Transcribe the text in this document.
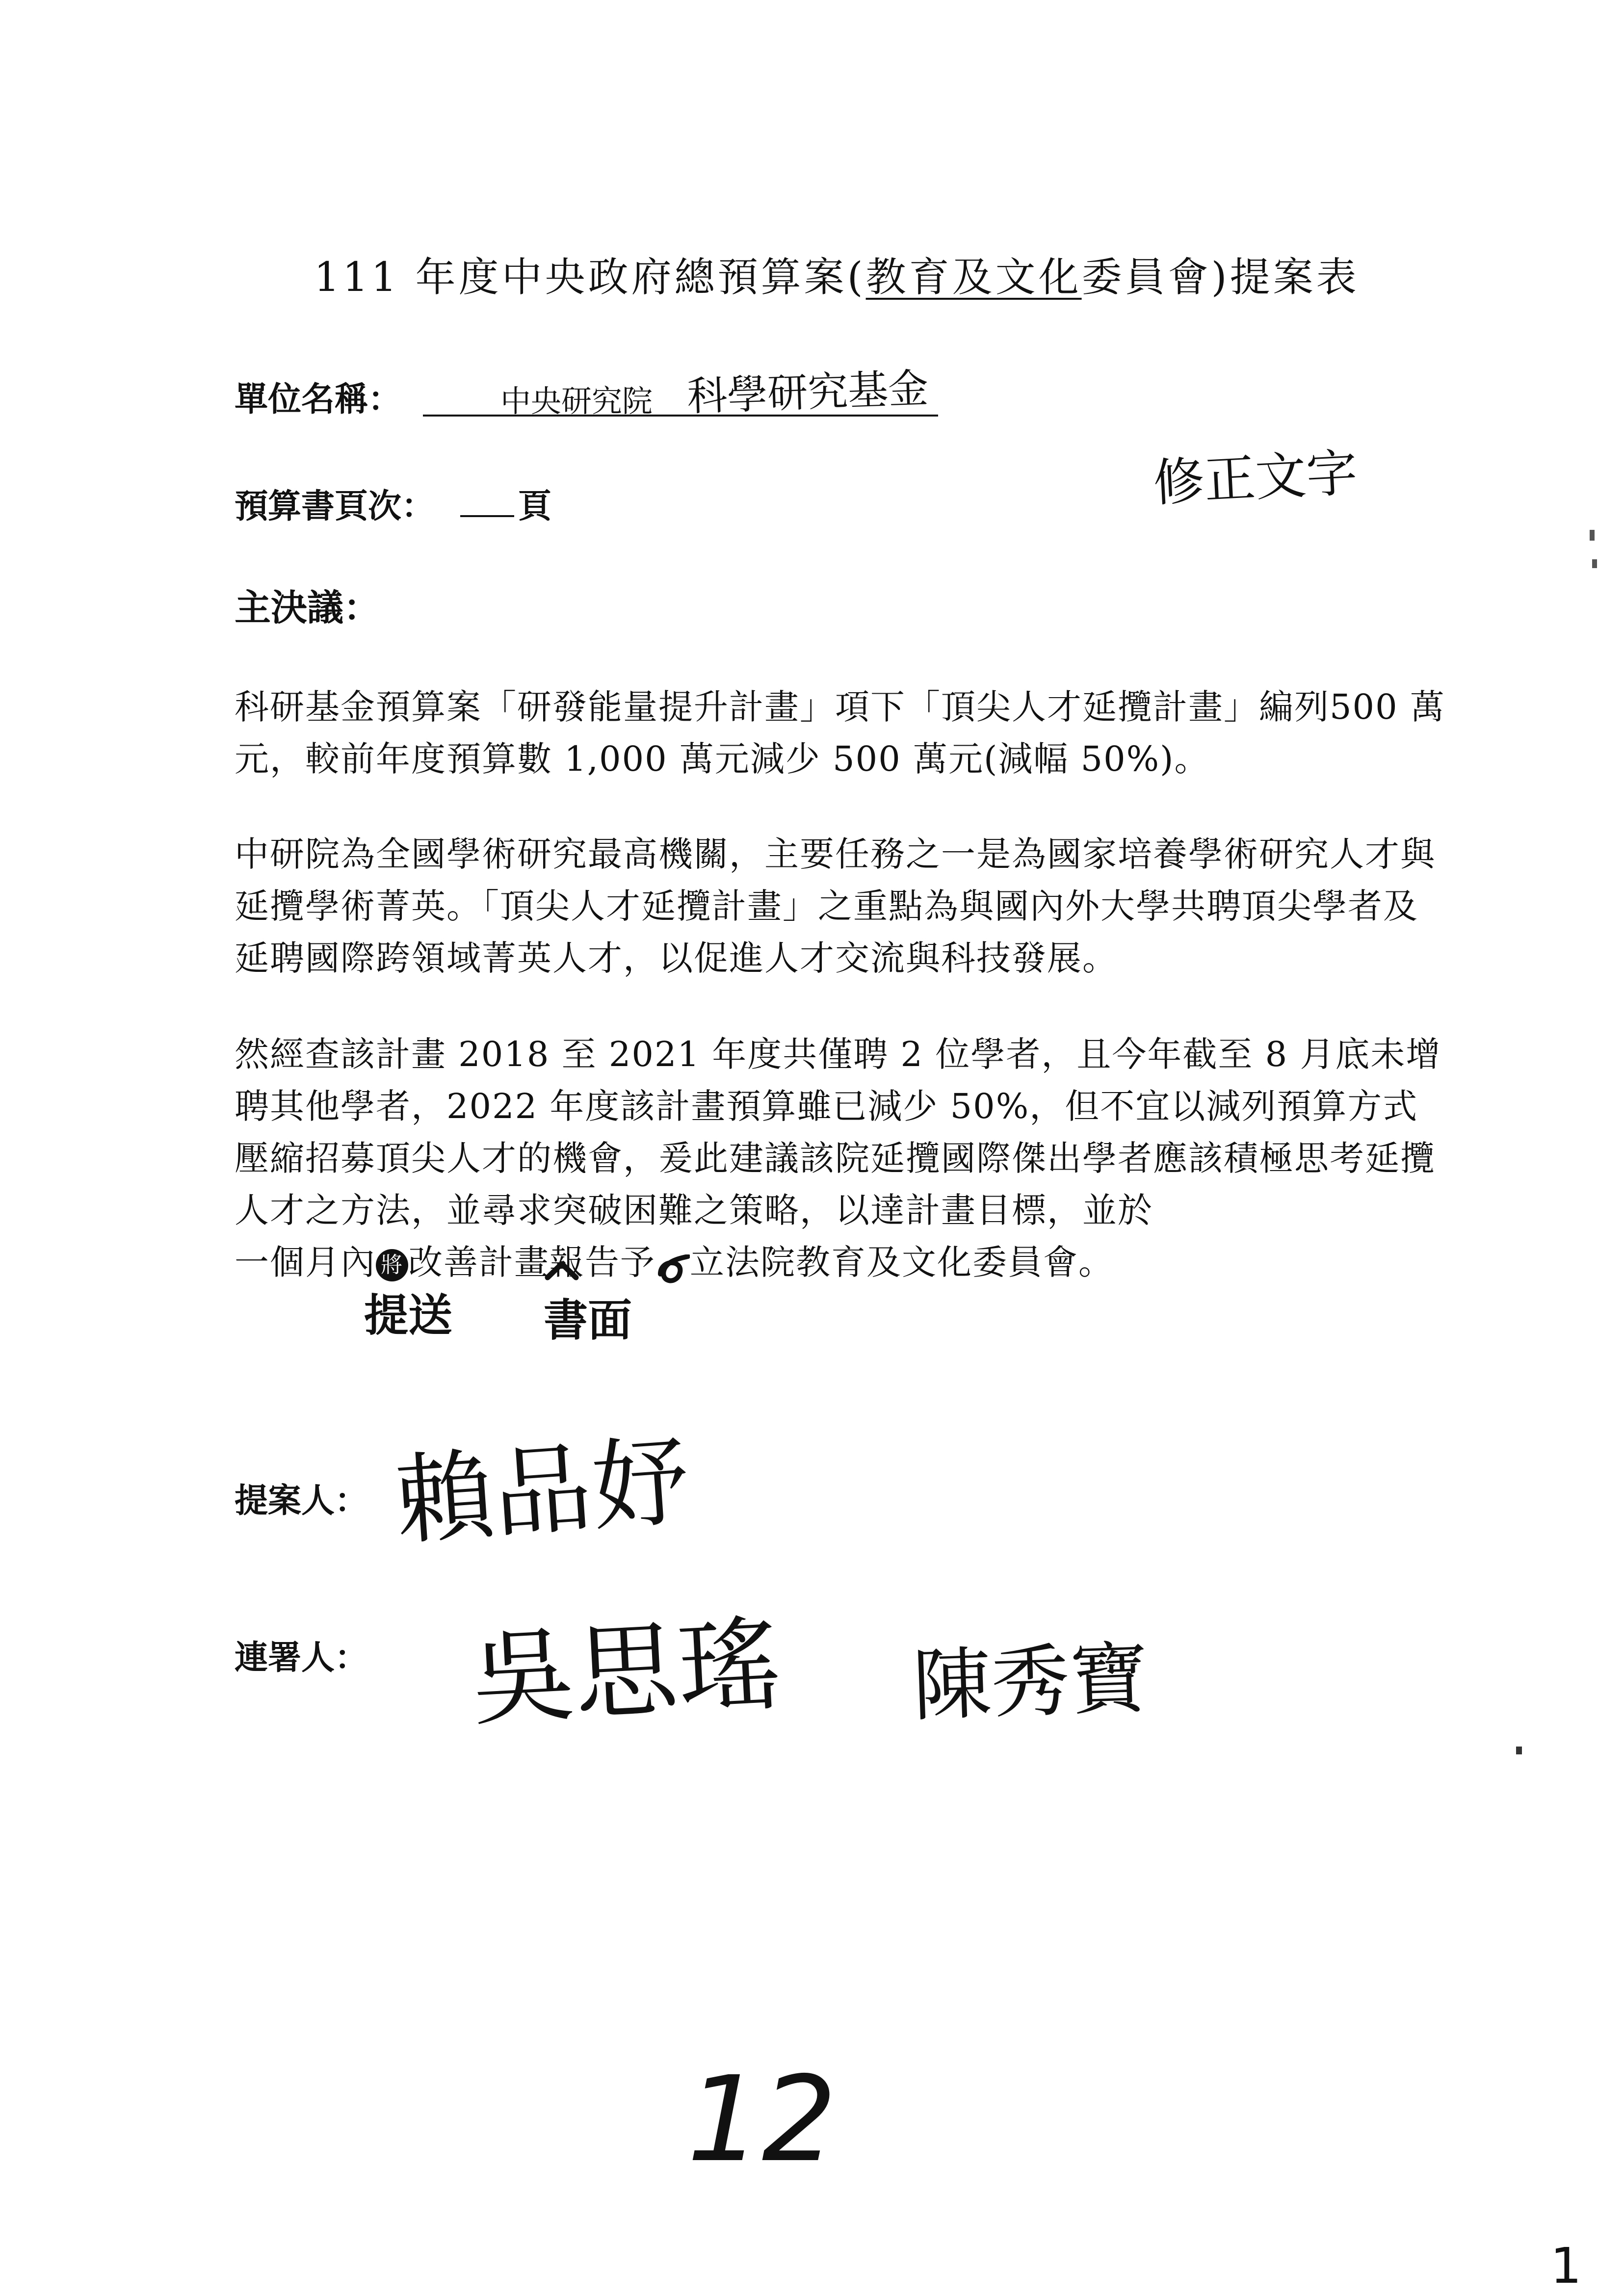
111 年度中央政府總預算案(教育及文化委員會)提案表
單位名稱：	中央研究院 科學研究基金
修正文字
預算書頁次： 頁
主決議：

科研基金預算案「研發能量提升計畫」項下「頂尖人才延攬計畫」編列500 萬元，較前年度預算數 1,000 萬元減少 500 萬元(減幅 50%)。

中研院為全國學術研究最高機關，主要任務之一是為國家培養學術研究人才與延攬學術菁英。「頂尖人才延攬計畫」之重點為與國內外大學共聘頂尖學者及延聘國際跨領域菁英人才，以促進人才交流與科技發展。

然經查該計畫 2018 至 2021 年度共僅聘 2 位學者，且今年截至 8 月底未增聘其他學者，2022 年度該計畫預算雖已減少 50%，但不宜以減列預算方式壓縮招募頂尖人才的機會，爰此建議該院延攬國際傑出學者應該積極思考延攬人才之方法，並尋求突破困難之策略，以達計畫目標，並於

一個月內 將 改善計畫報告予 立法院教育及文化委員會。

提送 書面
提案人： 賴品妤
連署人： 吳思瑤 陳秀寶
12
1
